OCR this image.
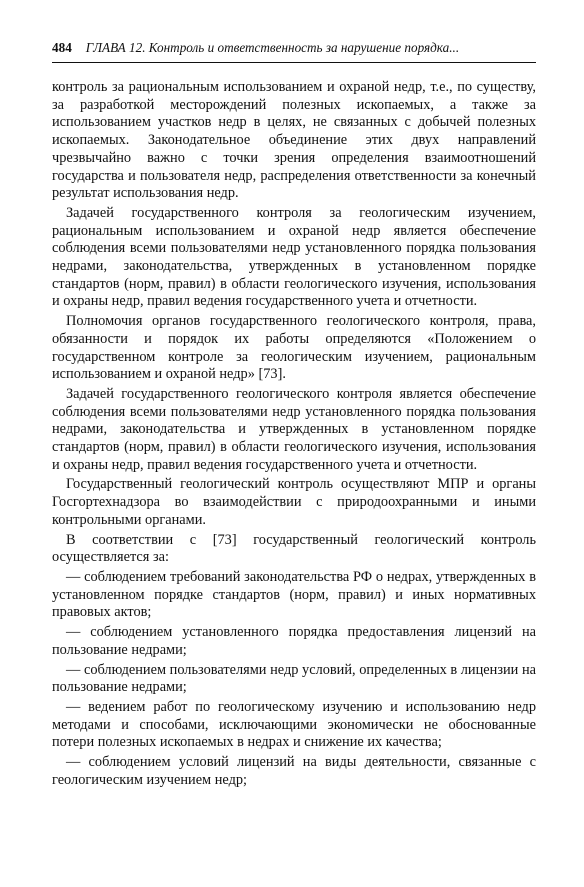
484 ГЛАВА 12. Контроль и ответственность за нарушение порядка...

контроль за рациональным использованием и охраной недр, т.е., по существу, за разработкой месторождений полезных ископаемых, а также за использованием участков недр в целях, не связанных с добычей полезных ископаемых. Законодательное объединение этих двух направлений чрезвычайно важно с точки зрения определения взаимоотношений государства и пользователя недр, распределения ответственности за конечный результат использования недр.

Задачей государственного контроля за геологическим изучением, рациональным использованием и охраной недр является обеспечение соблюдения всеми пользователями недр установленного порядка пользования недрами, законодательства, утвержденных в установленном порядке стандартов (норм, правил) в области геологического изучения, использования и охраны недр, правил ведения государственного учета и отчетности.

Полномочия органов государственного геологического контроля, права, обязанности и порядок их работы определяются «Положением о государственном контроле за геологическим изучением, рациональным использованием и охраной недр» [73].

Задачей государственного геологического контроля является обеспечение соблюдения всеми пользователями недр установленного порядка пользования недрами, законодательства и утвержденных в установленном порядке стандартов (норм, правил) в области геологического изучения, использования и охраны недр, правил ведения государственного учета и отчетности.

Государственный геологический контроль осуществляют МПР и органы Госгортехнадзора во взаимодействии с природоохранными и иными контрольными органами.

В соответствии с [73] государственный геологический контроль осуществляется за:

— соблюдением требований законодательства РФ о недрах, утвержденных в установленном порядке стандартов (норм, правил) и иных нормативных правовых актов;

— соблюдением установленного порядка предоставления лицензий на пользование недрами;

— соблюдением пользователями недр условий, определенных в лицензии на пользование недрами;

— ведением работ по геологическому изучению и использованию недр методами и способами, исключающими экономически не обоснованные потери полезных ископаемых в недрах и снижение их качества;

— соблюдением условий лицензий на виды деятельности, связанные с геологическим изучением недр;
